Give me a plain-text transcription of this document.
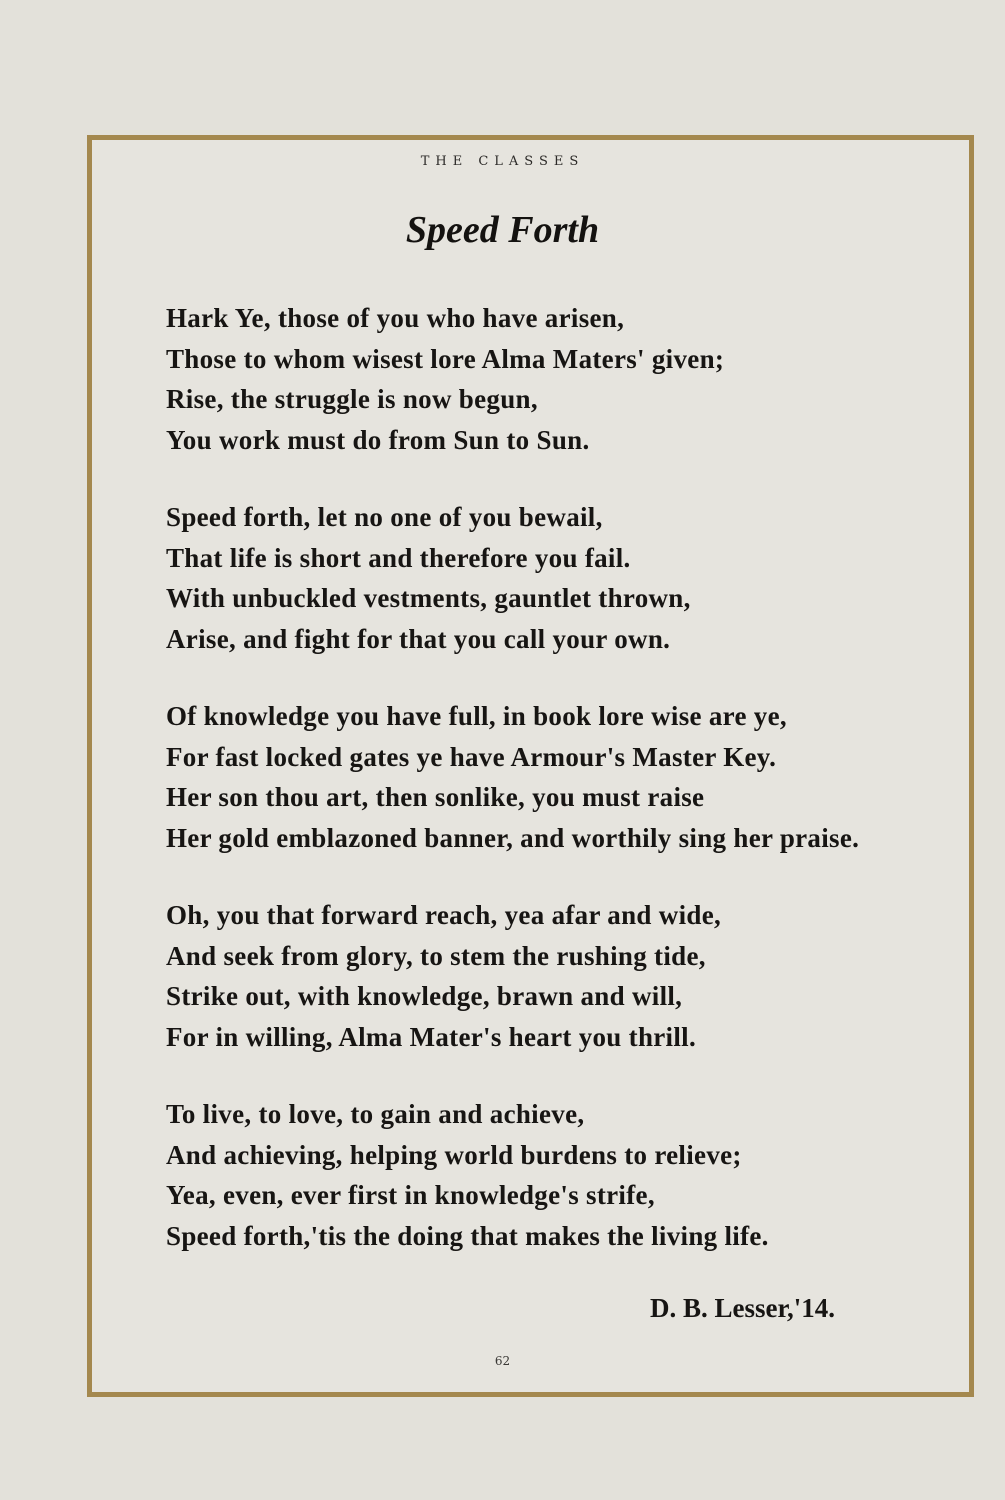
THE CLASSES
Speed Forth
Hark Ye, those of you who have arisen,
Those to whom wisest lore Alma Maters' given;
Rise, the struggle is now begun,
You work must do from Sun to Sun.
Speed forth, let no one of you bewail,
That life is short and therefore you fail.
With unbuckled vestments, gauntlet thrown,
Arise, and fight for that you call your own.
Of knowledge you have full, in book lore wise are ye,
For fast locked gates ye have Armour's Master Key.
Her son thou art, then sonlike, you must raise
Her gold emblazoned banner, and worthily sing her praise.
Oh, you that forward reach, yea afar and wide,
And seek from glory, to stem the rushing tide,
Strike out, with knowledge, brawn and will,
For in willing, Alma Mater's heart you thrill.
To live, to love, to gain and achieve,
And achieving, helping world burdens to relieve;
Yea, even, ever first in knowledge's strife,
Speed forth,'tis the doing that makes the living life.
D. B. Lesser,'14.
62
